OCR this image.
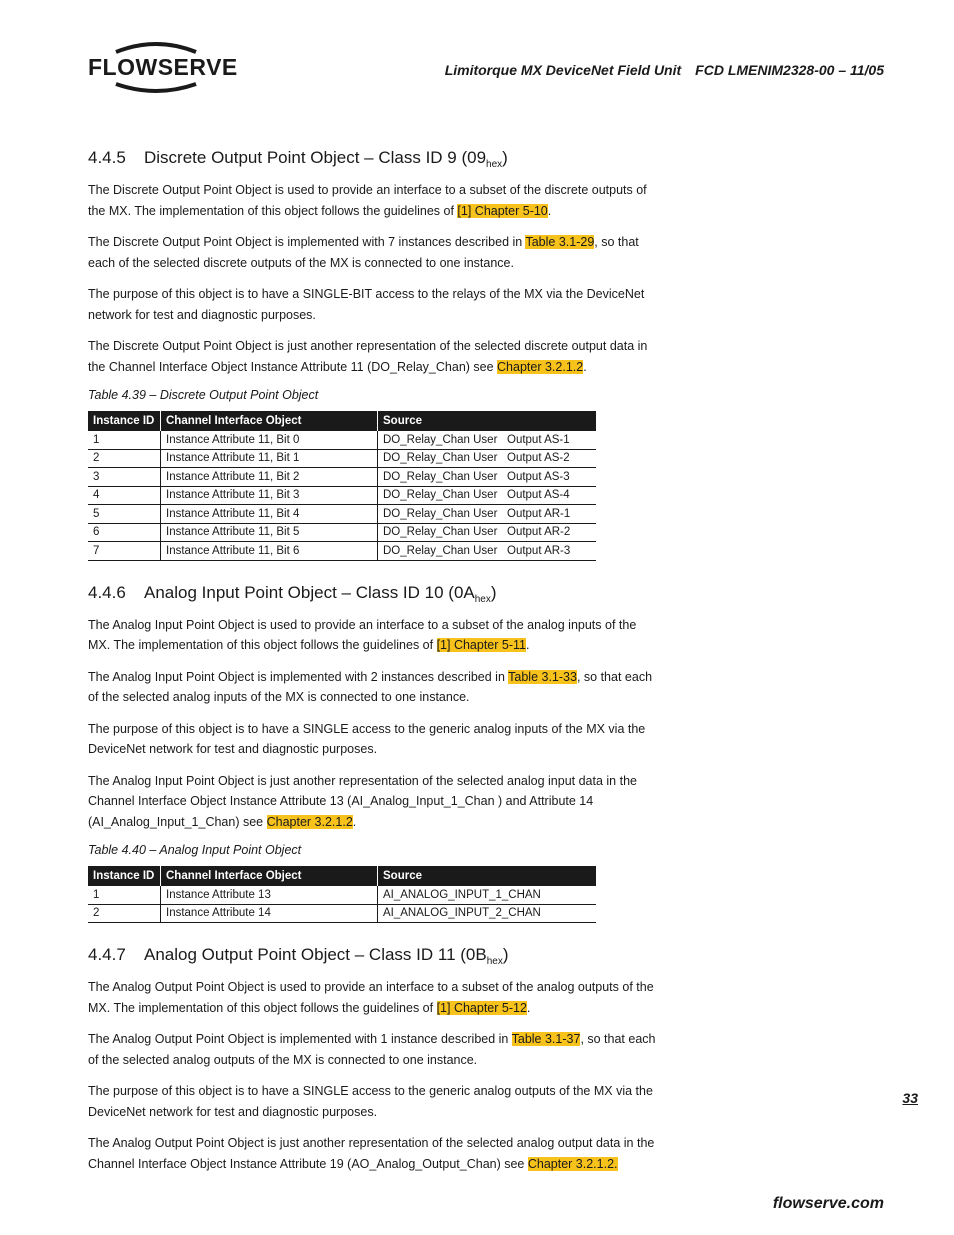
FLOWSERVE	Limitorque MX DeviceNet Field Unit FCD LMENIM2328-00 – 11/05
4.4.5 Discrete Output Point Object – Class ID 9 $(09_{hex})$

The Discrete Output Point Object is used to provide an interface to a subset of the discrete outputs of the MX. The implementation of this object follows the guidelines of [1] Chapter 5-10.

The Discrete Output Point Object is implemented with 7 instances described in Table 3.1-29, so that each of the selected discrete outputs of the MX is connected to one instance.

The purpose of this object is to have a SINGLE-BIT access to the relays of the MX via the DeviceNet network for test and diagnostic purposes.

The Discrete Output Point Object is just another representation of the selected discrete output data in the Channel Interface Object Instance Attribute 11 (DO_Relay_Chan) see Chapter 3.2.1.2.

Table 4.39 – Discrete Output Point Object
Instance ID	Channel Interface Object	Source
1	Instance Attribute 11, Bit 0	DO_Relay_Chan User   Output AS-1
2	Instance Attribute 11, Bit 1	DO_Relay_Chan User   Output AS-2
3	Instance Attribute 11, Bit 2	DO_Relay_Chan User   Output AS-3
4	Instance Attribute 11, Bit 3	DO_Relay_Chan User   Output AS-4
5	Instance Attribute 11, Bit 4	DO_Relay_Chan User   Output AR-1
6	Instance Attribute 11, Bit 5	DO_Relay_Chan User   Output AR-2
7	Instance Attribute 11, Bit 6	DO_Relay_Chan User   Output AR-3
4.4.6 Analog Input Point Object – Class ID 10 $(0A_{hex})$

The Analog Input Point Object is used to provide an interface to a subset of the analog inputs of the MX. The implementation of this object follows the guidelines of [1] Chapter 5-11.

The Analog Input Point Object is implemented with 2 instances described in Table 3.1-33, so that each of the selected analog inputs of the MX is connected to one instance.

The purpose of this object is to have a SINGLE access to the generic analog inputs of the MX via the DeviceNet network for test and diagnostic purposes.

The Analog Input Point Object is just another representation of the selected analog input data in the Channel Interface Object Instance Attribute 13 (AI_Analog_Input_1_Chan ) and Attribute 14 (AI_Analog_Input_1_Chan) see Chapter 3.2.1.2.

Table 4.40 – Analog Input Point Object
Instance ID	Channel Interface Object	Source
1	Instance Attribute 13	AI_ANALOG_INPUT_1_CHAN
2	Instance Attribute 14	AI_ANALOG_INPUT_2_CHAN
4.4.7 Analog Output Point Object – Class ID 11 $(0B_{hex})$

The Analog Output Point Object is used to provide an interface to a subset of the analog outputs of the MX. The implementation of this object follows the guidelines of [1] Chapter 5-12.

The Analog Output Point Object is implemented with 1 instance described in Table 3.1-37, so that each of the selected analog outputs of the MX is connected to one instance.

The purpose of this object is to have a SINGLE access to the generic analog outputs of the MX via the DeviceNet network for test and diagnostic purposes.

The Analog Output Point Object is just another representation of the selected analog output data in the Channel Interface Object Instance Attribute 19 (AO_Analog_Output_Chan) see Chapter 3.2.1.2.

33
flowserve.com
